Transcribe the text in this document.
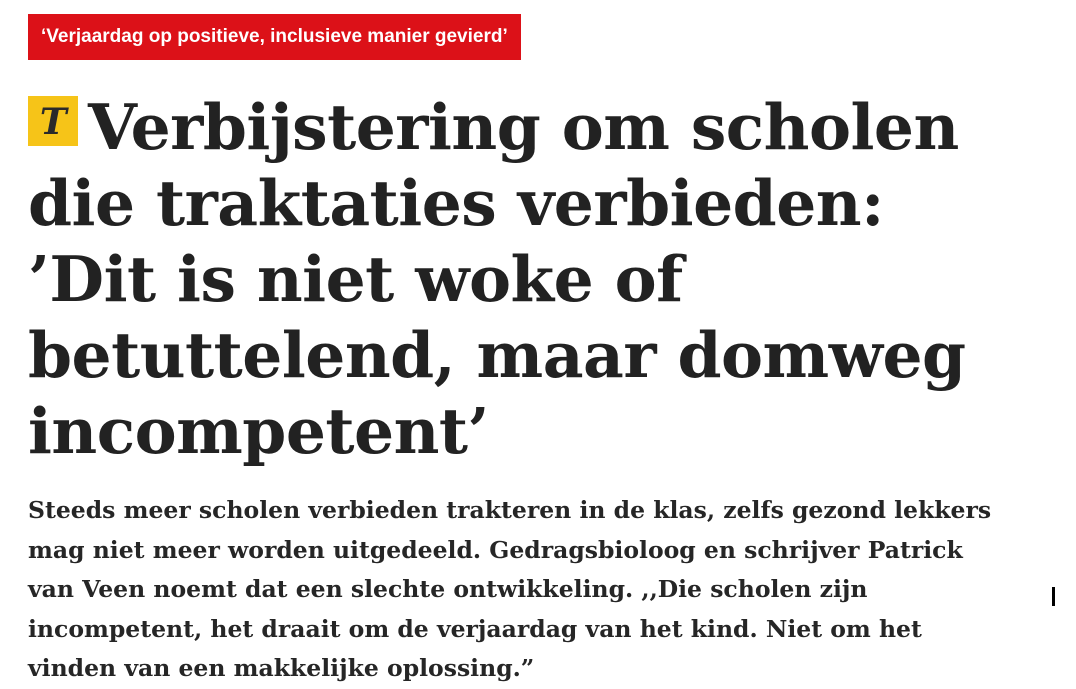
‘Verjaardag op positieve, inclusieve manier gevierd’
T Verbijstering om scholen die traktaties verbieden: ’Dit is niet woke of betuttelend, maar domweg incompetent’

Steeds meer scholen verbieden trakteren in de klas, zelfs gezond lekkers mag niet meer worden uitgedeeld. Gedragsbioloog en schrijver Patrick van Veen noemt dat een slechte ontwikkeling. ,,Die scholen zijn incompetent, het draait om de verjaardag van het kind. Niet om het vinden van een makkelijke oplossing.”
